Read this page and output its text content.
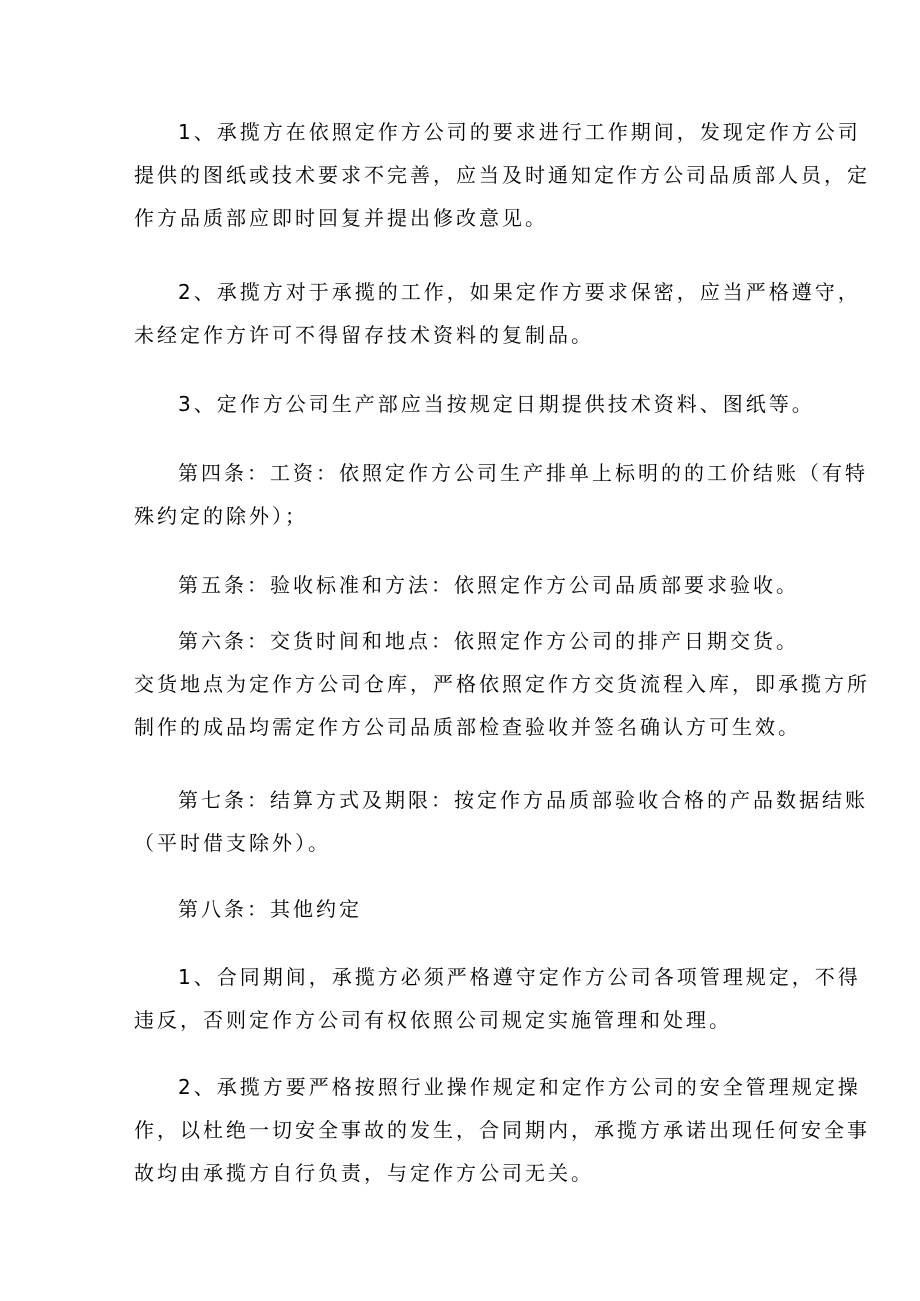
1、承揽方在依照定作方公司的要求进行工作期间，发现定作方公司
提供的图纸或技术要求不完善，应当及时通知定作方公司品质部人员，定
作方品质部应即时回复并提出修改意见。

2、承揽方对于承揽的工作，如果定作方要求保密，应当严格遵守，
未经定作方许可不得留存技术资料的复制品。

3、定作方公司生产部应当按规定日期提供技术资料、图纸等。

第四条：工资：依照定作方公司生产排单上标明的的工价结账（有特
殊约定的除外）；

第五条：验收标准和方法：依照定作方公司品质部要求验收。

第六条：交货时间和地点：依照定作方公司的排产日期交货。
交货地点为定作方公司仓库，严格依照定作方交货流程入库，即承揽方所
制作的成品均需定作方公司品质部检查验收并签名确认方可生效。

第七条：结算方式及期限：按定作方品质部验收合格的产品数据结账
（平时借支除外）。

第八条：其他约定

1、合同期间，承揽方必须严格遵守定作方公司各项管理规定，不得
违反，否则定作方公司有权依照公司规定实施管理和处理。

2、承揽方要严格按照行业操作规定和定作方公司的安全管理规定操
作，以杜绝一切安全事故的发生，合同期内，承揽方承诺出现任何安全事
故均由承揽方自行负责，与定作方公司无关。
